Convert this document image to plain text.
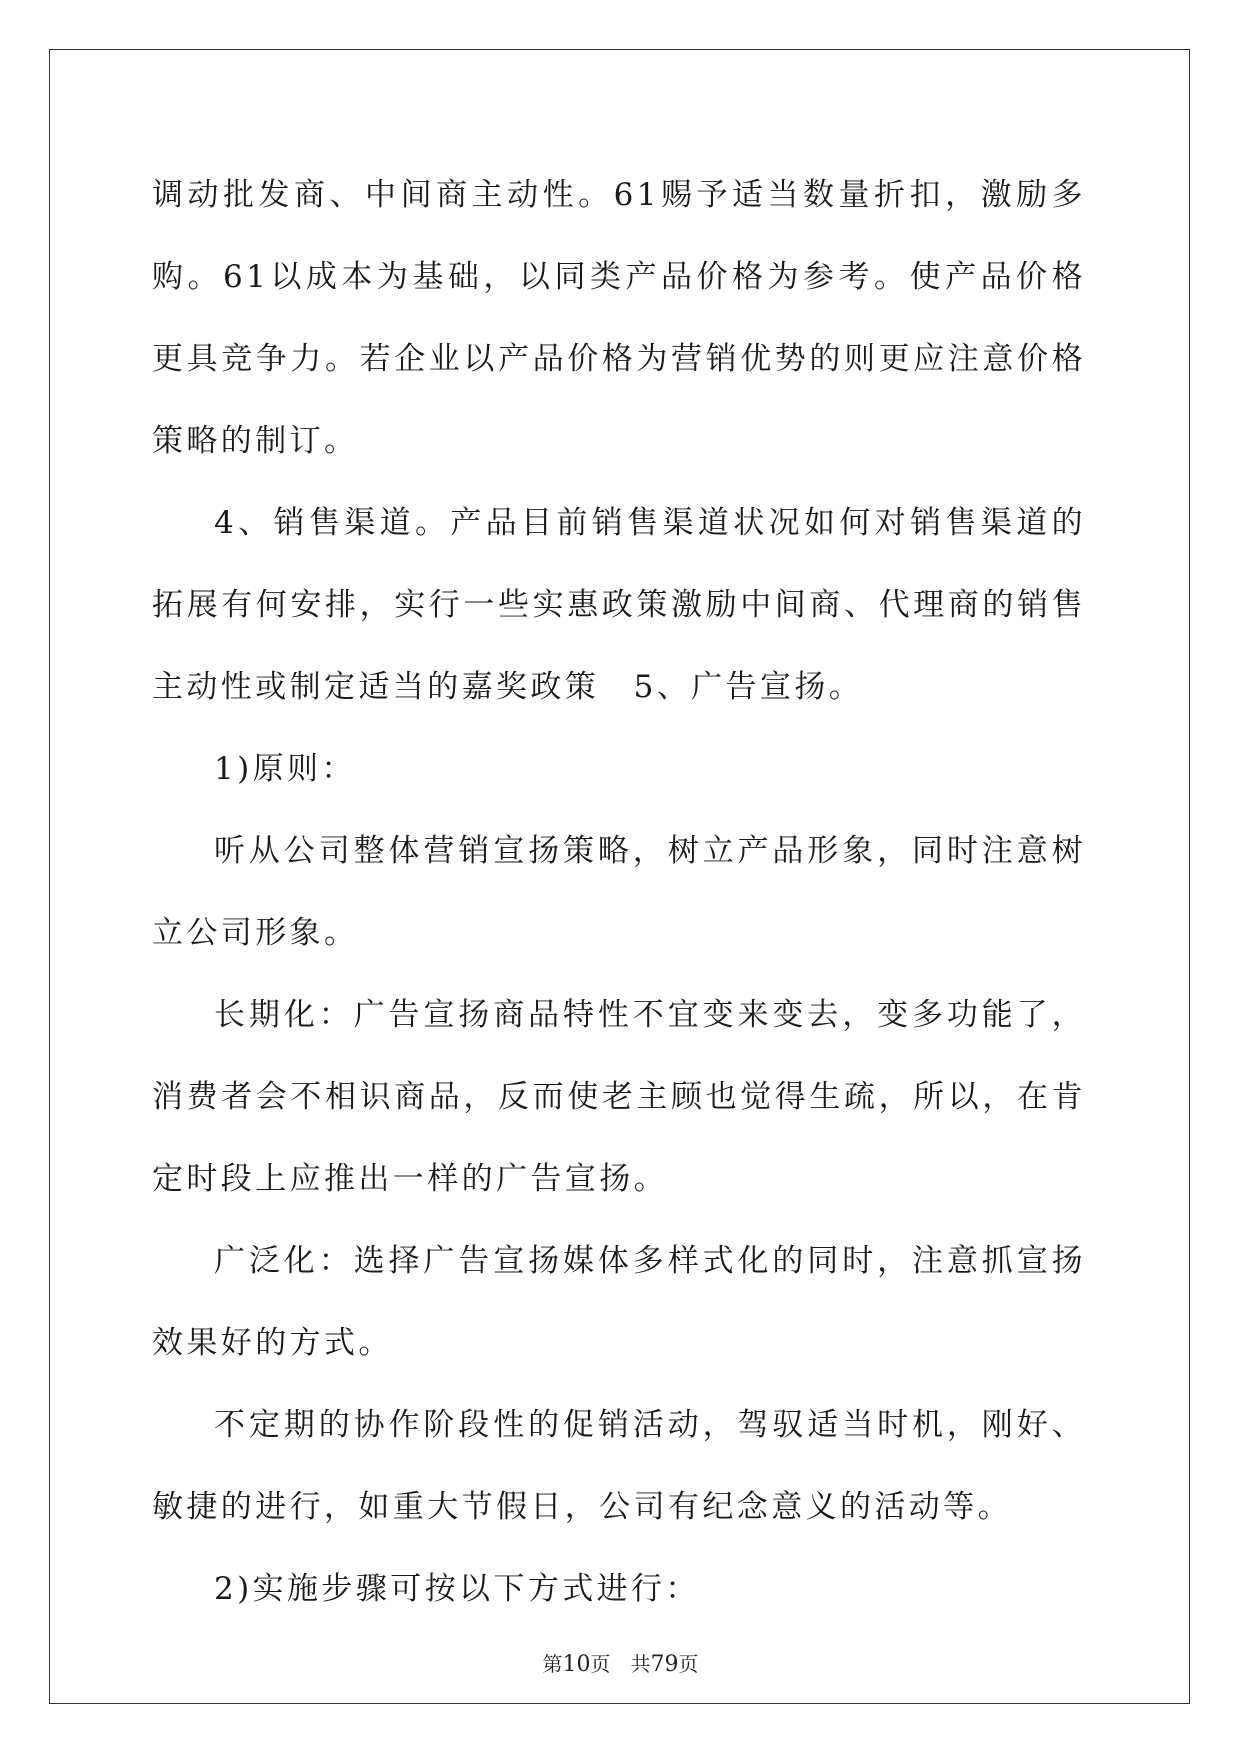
调动批发商、中间商主动性。61赐予适当数量折扣，激励多购。61以成本为基础，以同类产品价格为参考。使产品价格更具竞争力。若企业以产品价格为营销优势的则更应注意价格策略的制订。

4、销售渠道。产品目前销售渠道状况如何对销售渠道的拓展有何安排，实行一些实惠政策激励中间商、代理商的销售主动性或制定适当的嘉奖政策　5、广告宣扬。

1)原则：

听从公司整体营销宣扬策略，树立产品形象，同时注意树立公司形象。

长期化：广告宣扬商品特性不宜变来变去，变多功能了，消费者会不相识商品，反而使老主顾也觉得生疏，所以，在肯定时段上应推出一样的广告宣扬。

广泛化：选择广告宣扬媒体多样式化的同时，注意抓宣扬效果好的方式。

不定期的协作阶段性的促销活动，驾驭适当时机，刚好、敏捷的进行，如重大节假日，公司有纪念意义的活动等。

2)实施步骤可按以下方式进行：

第10页　共79页
